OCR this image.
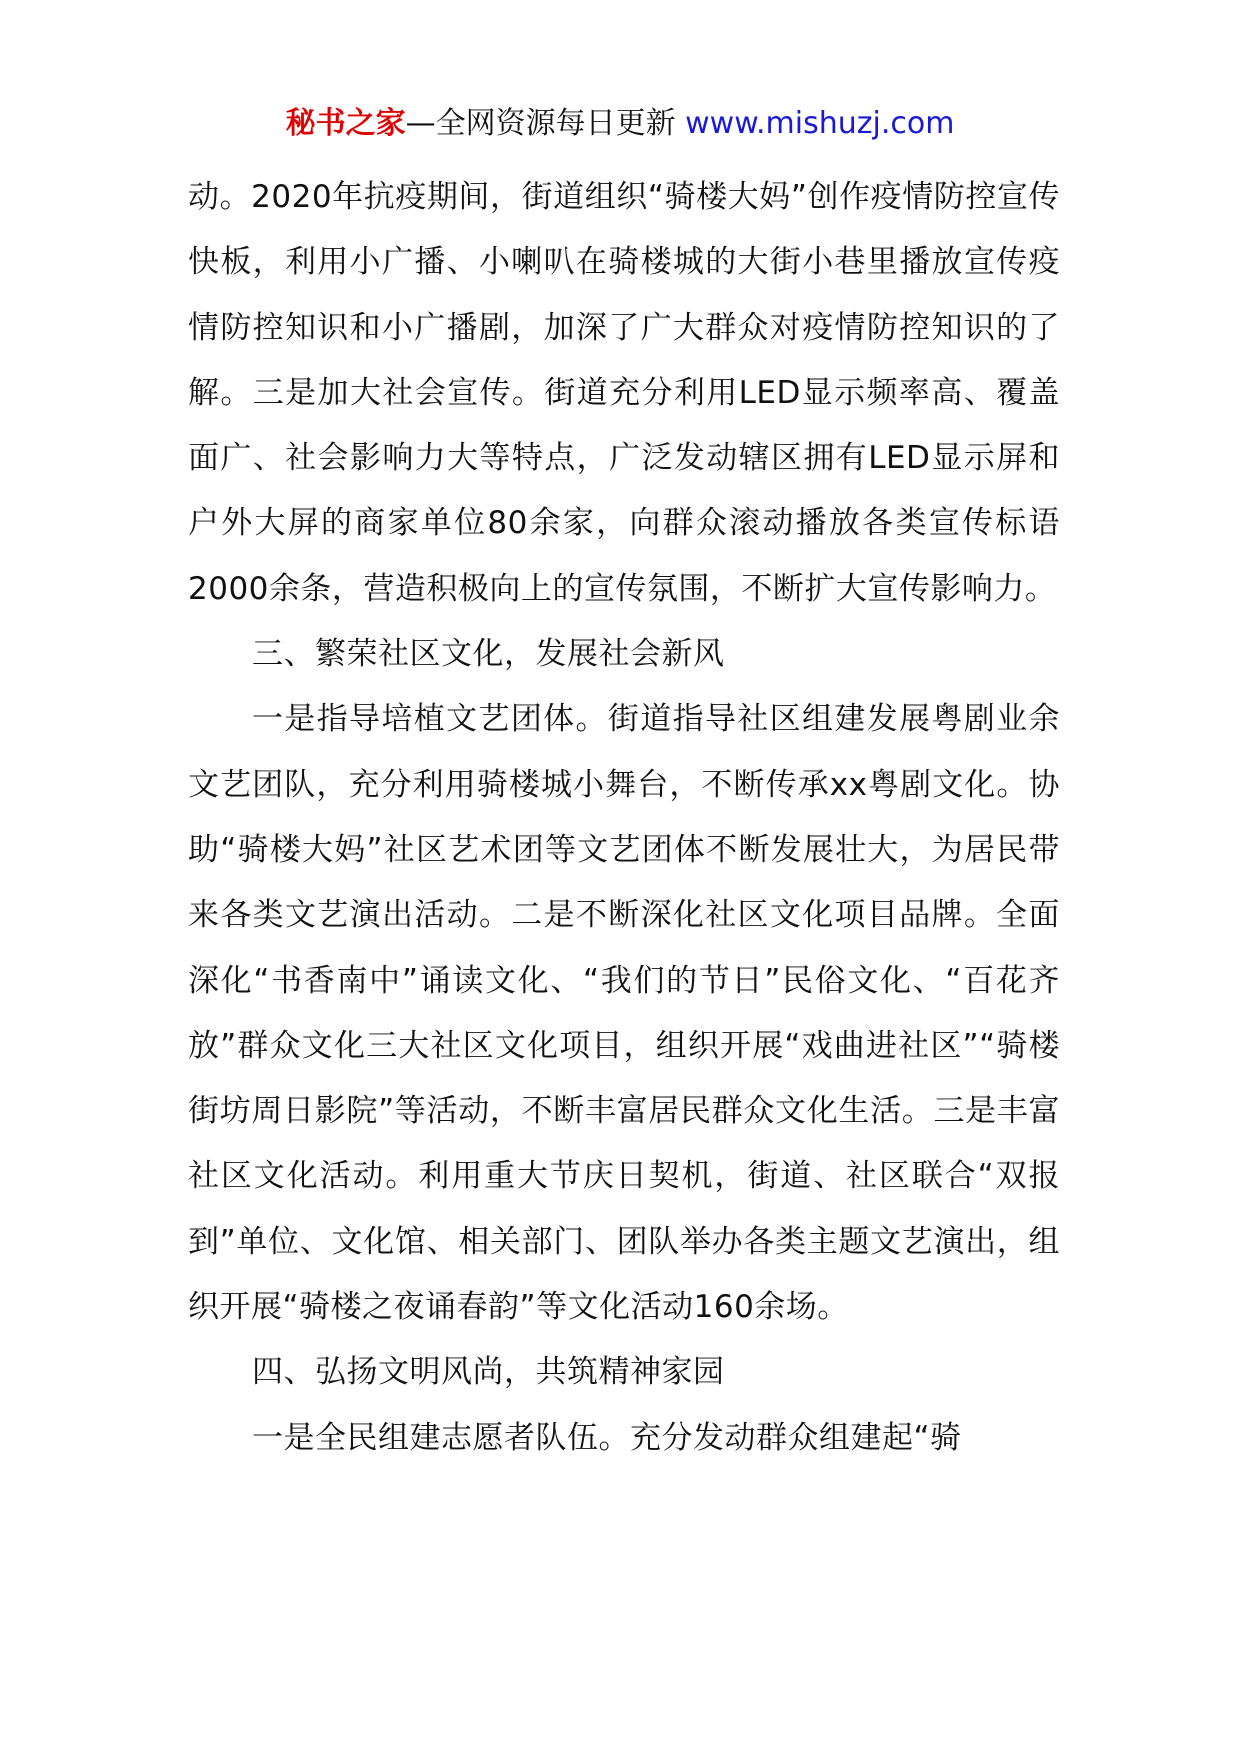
秘书之家—全网资源每日更新 www.mishuzj.com

动。2020年抗疫期间，街道组织“骑楼大妈”创作疫情防控宣传快板，利用小广播、小喇叭在骑楼城的大街小巷里播放宣传疫情防控知识和小广播剧，加深了广大群众对疫情防控知识的了解。三是加大社会宣传。街道充分利用LED显示频率高、覆盖面广、社会影响力大等特点，广泛发动辖区拥有LED显示屏和户外大屏的商家单位80余家，向群众滚动播放各类宣传标语2000余条，营造积极向上的宣传氛围，不断扩大宣传影响力。

三、繁荣社区文化，发展社会新风

一是指导培植文艺团体。街道指导社区组建发展粤剧业余文艺团队，充分利用骑楼城小舞台，不断传承xx粤剧文化。协助“骑楼大妈”社区艺术团等文艺团体不断发展壮大，为居民带来各类文艺演出活动。二是不断深化社区文化项目品牌。全面深化“书香南中”诵读文化、“我们的节日”民俗文化、“百花齐放”群众文化三大社区文化项目，组织开展“戏曲进社区”“骑楼街坊周日影院”等活动，不断丰富居民群众文化生活。三是丰富社区文化活动。利用重大节庆日契机，街道、社区联合“双报到”单位、文化馆、相关部门、团队举办各类主题文艺演出，组织开展“骑楼之夜诵春韵”等文化活动160余场。

四、弘扬文明风尚，共筑精神家园

一是全民组建志愿者队伍。充分发动群众组建起“骑
